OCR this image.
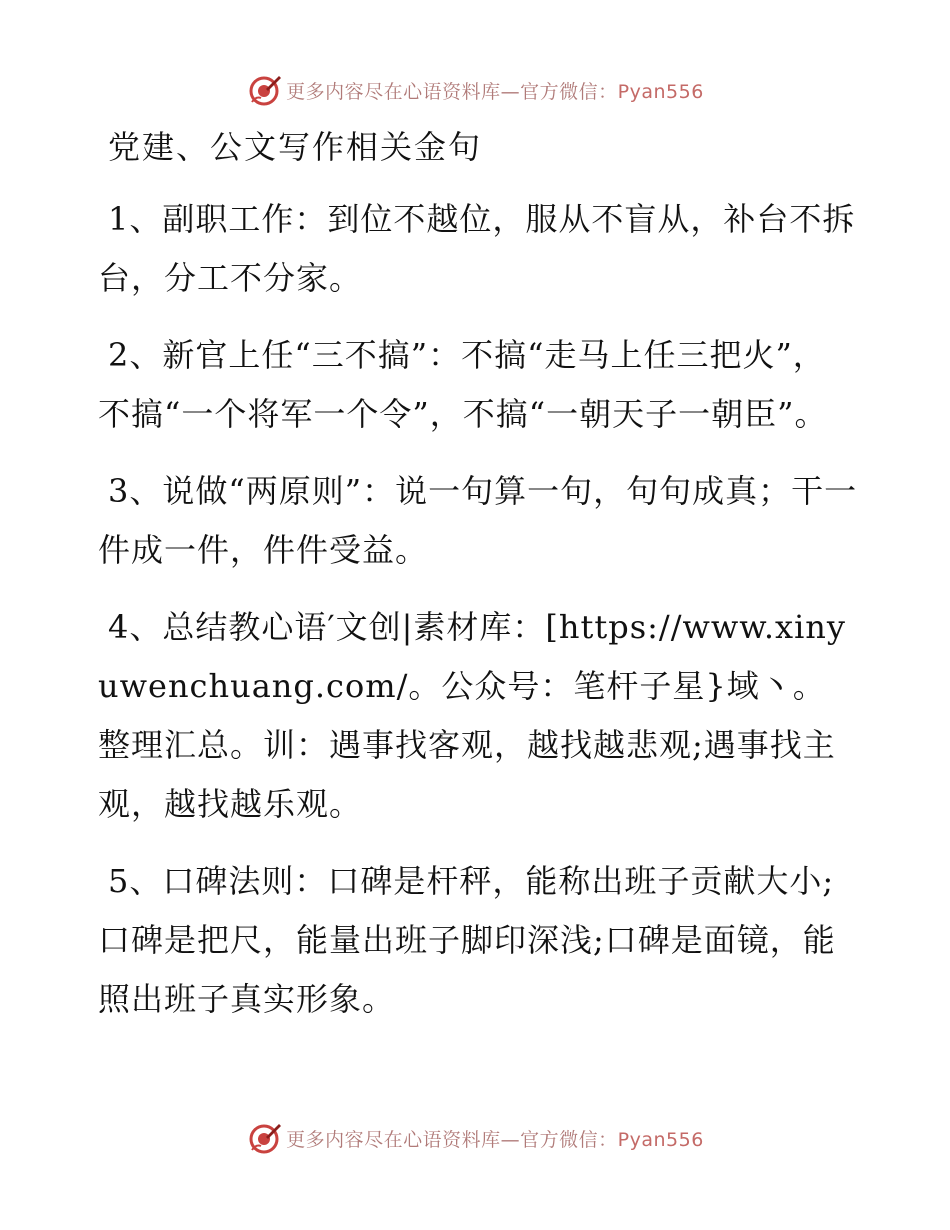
更多内容尽在心语资料库—官方微信：Pyan556
党建、公文写作相关金句

1、副职工作：到位不越位，服从不盲从，补台不拆台，分工不分家。

2、新官上任“三不搞”：不搞“走马上任三把火”，不搞“一个将军一个令”，不搞“一朝天子一朝臣”。

3、说做“两原则”：说一句算一句，句句成真；干一件成一件，件件受益。

4、总结教心语′文创|素材库：[https://www.xinyuwenchuang.com/。公众号：笔杆子星}域丶。整理汇总。训：遇事找客观，越找越悲观;遇事找主观，越找越乐观。

5、口碑法则：口碑是杆秤，能称出班子贡献大小;口碑是把尺，能量出班子脚印深浅;口碑是面镜，能照出班子真实形象。

更多内容尽在心语资料库—官方微信：Pyan556
